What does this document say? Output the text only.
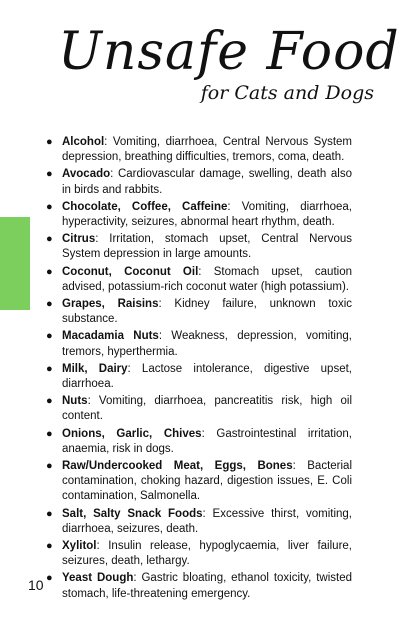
Unsafe Food
for Cats and Dogs
● Alcohol: Vomiting, diarrhoea, Central Nervous System depression, breathing difficulties, tremors, coma, death.
● Avocado: Cardiovascular damage, swelling, death also in birds and rabbits.
● Chocolate, Coffee, Caffeine: Vomiting, diarrhoea, hyperactivity, seizures, abnormal heart rhythm, death.
● Citrus: Irritation, stomach upset, Central Nervous System depression in large amounts.
● Coconut, Coconut Oil: Stomach upset, caution advised, potassium-rich coconut water (high potassium).
● Grapes, Raisins: Kidney failure, unknown toxic substance.
● Macadamia Nuts: Weakness, depression, vomiting, tremors, hyperthermia.
● Milk, Dairy: Lactose intolerance, digestive upset, diarrhoea.
● Nuts: Vomiting, diarrhoea, pancreatitis risk, high oil content.
● Onions, Garlic, Chives: Gastrointestinal irritation, anaemia, risk in dogs.
● Raw/Undercooked Meat, Eggs, Bones: Bacterial contamination, choking hazard, digestion issues, E. Coli contamination, Salmonella.
● Salt, Salty Snack Foods: Excessive thirst, vomiting, diarrhoea, seizures, death.
● Xylitol: Insulin release, hypoglycaemia, liver failure, seizures, death, lethargy.
● Yeast Dough: Gastric bloating, ethanol toxicity, twisted stomach, life-threatening emergency.
10
